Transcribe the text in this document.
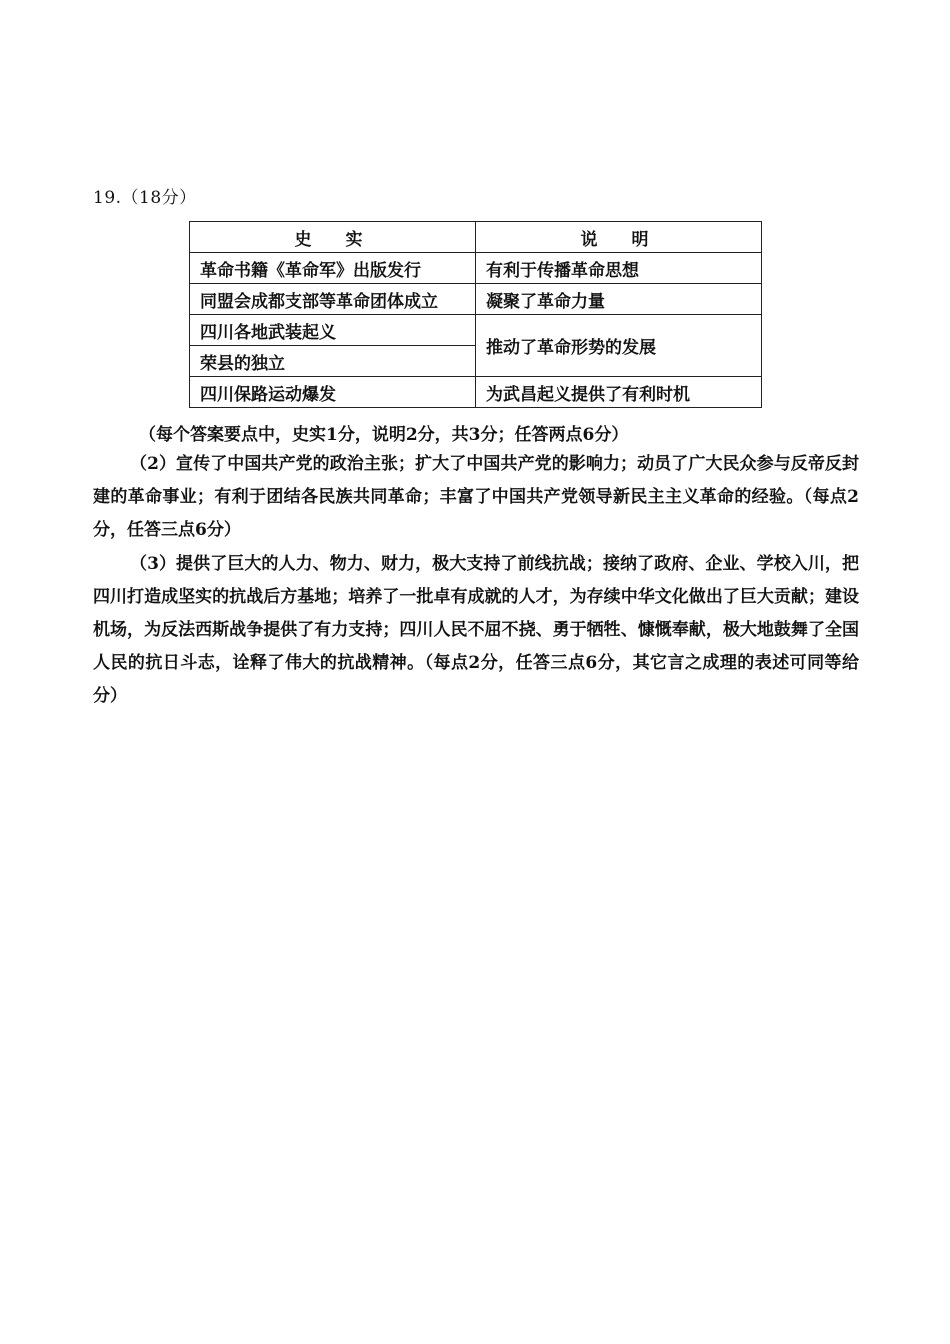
19.（18分）
史实	说明
革命书籍《革命军》出版发行	有利于传播革命思想
同盟会成都支部等革命团体成立	凝聚了革命力量
四川各地武装起义	推动了革命形势的发展
荣县的独立	
四川保路运动爆发	为武昌起义提供了有利时机
（每个答案要点中，史实1分，说明2分，共3分；任答两点6分）
（2）宣传了中国共产党的政治主张；扩大了中国共产党的影响力；动员了广大民众参与反帝反封建的革命事业；有利于团结各民族共同革命；丰富了中国共产党领导新民主主义革命的经验。（每点2分，任答三点6分）
（3）提供了巨大的人力、物力、财力，极大支持了前线抗战；接纳了政府、企业、学校入川，把四川打造成坚实的抗战后方基地；培养了一批卓有成就的人才，为存续中华文化做出了巨大贡献；建设机场，为反法西斯战争提供了有力支持；四川人民不屈不挠、勇于牺牲、慷慨奉献，极大地鼓舞了全国人民的抗日斗志，诠释了伟大的抗战精神。（每点2分，任答三点6分，其它言之成理的表述可同等给分）
